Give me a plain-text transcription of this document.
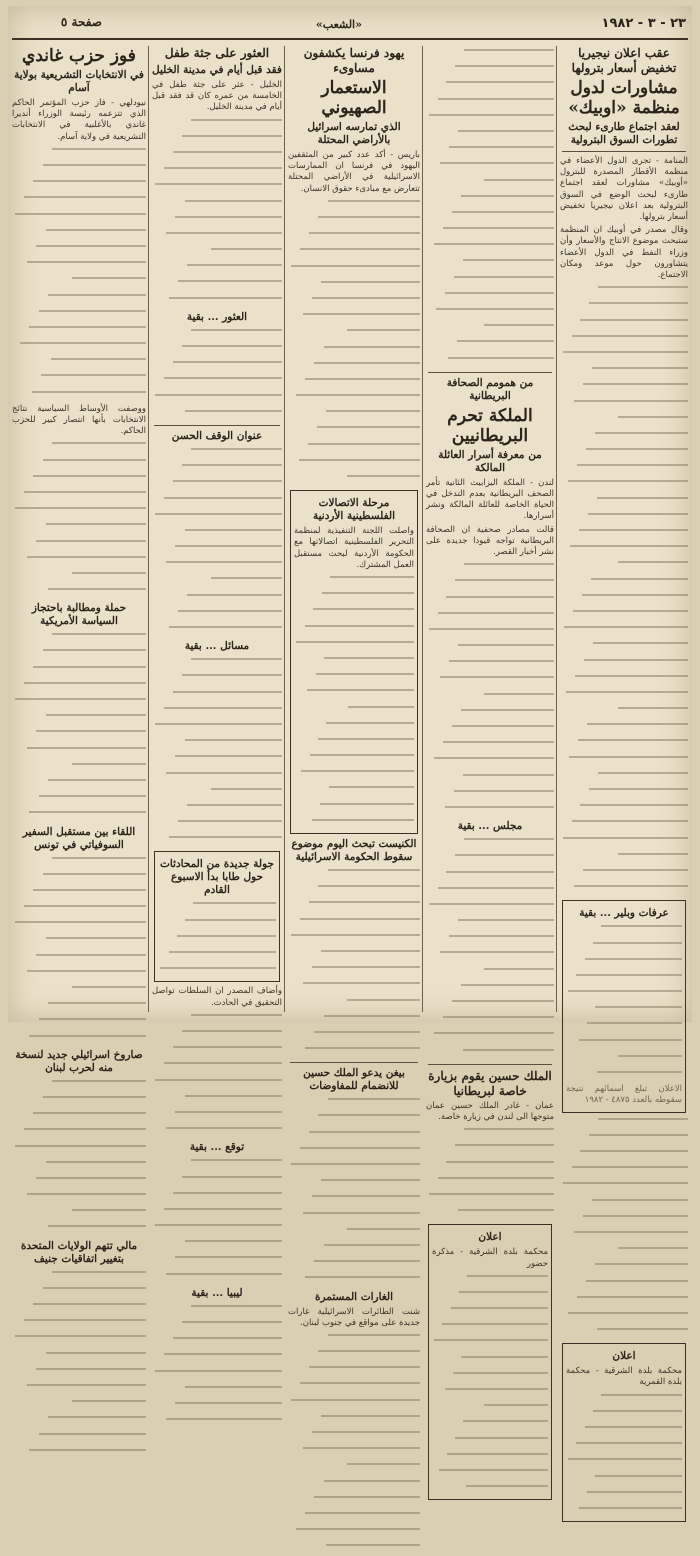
٢٣ - ٣ - ١٩٨٢
«الشعب»
صفحة ٥
عقب اعلان نيجيريا تخفيض أسعار بترولها
مشاورات لدول منظمة «اوبيك»
لعقد اجتماع طارىء لبحث تطورات السوق البترولية
المنامة - تجرى الدول الأعضاء في منظمة الأقطار المصدرة للبترول «أوبيك» مشاورات لعقد اجتماع طارىء لبحث الوضع في السوق البترولية بعد اعلان نيجيريا تخفيض أسعار بترولها.
وقال مصدر في أوبيك ان المنظمة ستبحث موضوع الانتاج والأسعار وأن وزراء النفط في الدول الأعضاء يتشاورون حول موعد ومكان الاجتماع.
عرفات وبلير ... بقية
الاعلان تبلغ اسمائهم نتيجة سقوطه بالعدد ٤٨٧٥ - ١٩٨٢
اعلان
محكمة بلدة الشرقية - محكمة بلدة القمرية
من همومم الصحافة البريطانية
الملكة تحرم البريطانيين
من معرفة أسرار العائلة المالكة
لندن - الملكة اليزابيث الثانية تأمر الصحف البريطانية بعدم التدخل في الحياة الخاصة للعائلة المالكة ونشر أسرارها.
قالت مصادر صحفية ان الصحافة البريطانية تواجه قيودا جديدة على نشر أخبار القصر.
مجلس ... بقية
الملك حسين يقوم بزيارة خاصة لبريطانيا
عمان - غادر الملك حسين عمان متوجها الى لندن في زيارة خاصة.
اعلان
محكمة بلدة الشرقية - مذكرة حضور
يهود فرنسا يكشفون مساوىء
الاستعمار الصهيوني
الذي تمارسه اسرائيل بالأراضي المحتلة
باريس - أكد عدد كبير من المثقفين اليهود في فرنسا ان الممارسات الاسرائيلية في الأراضي المحتلة تتعارض مع مبادىء حقوق الانسان.
مرحلة الاتصالات الفلسطينية الأردنية
واصلت اللجنة التنفيذية لمنظمة التحرير الفلسطينية اتصالاتها مع الحكومة الأردنية لبحث مستقبل العمل المشترك.
الكنيست تبحث اليوم موضوع سقوط الحكومة الاسرائيلية
بيغن يدعو الملك حسين للانضمام للمفاوضات
الغارات المستمرة
شنت الطائرات الاسرائيلية غارات جديدة على مواقع في جنوب لبنان.
العثور على جثة طفل
فقد قبل أيام في مدينة الخليل
الخليل - عثر على جثة طفل في الخامسة من عمره كان قد فقد قبل أيام في مدينة الخليل.
العثور ... بقية
عنوان الوقف الحسن
مسائل ... بقية
جولة جديدة من المحادثات حول طابا بدأ الاسبوع القادم
وأضاف المصدر ان السلطات تواصل التحقيق في الحادث.
توقع ... بقية
ليبيا ... بقية
فوز حزب غاندي
في الانتخابات التشريعية بولاية آسام
نيودلهي - فاز حزب المؤتمر الحاكم الذي تتزعمه رئيسة الوزراء أنديرا غاندي بالأغلبية في الانتخابات التشريعية في ولاية آسام.
ووصفت الأوساط السياسية نتائج الانتخابات بأنها انتصار كبير للحزب الحاكم.
حملة ومطالبة باحتجاز السياسة الأمريكية
اللقاء بين مستقبل السفير السوفياتي في تونس
صاروخ اسرائيلي جديد لنسخة منه لحرب لبنان
مالي تتهم الولايات المتحدة بتغيير اتفاقيات جنيف
